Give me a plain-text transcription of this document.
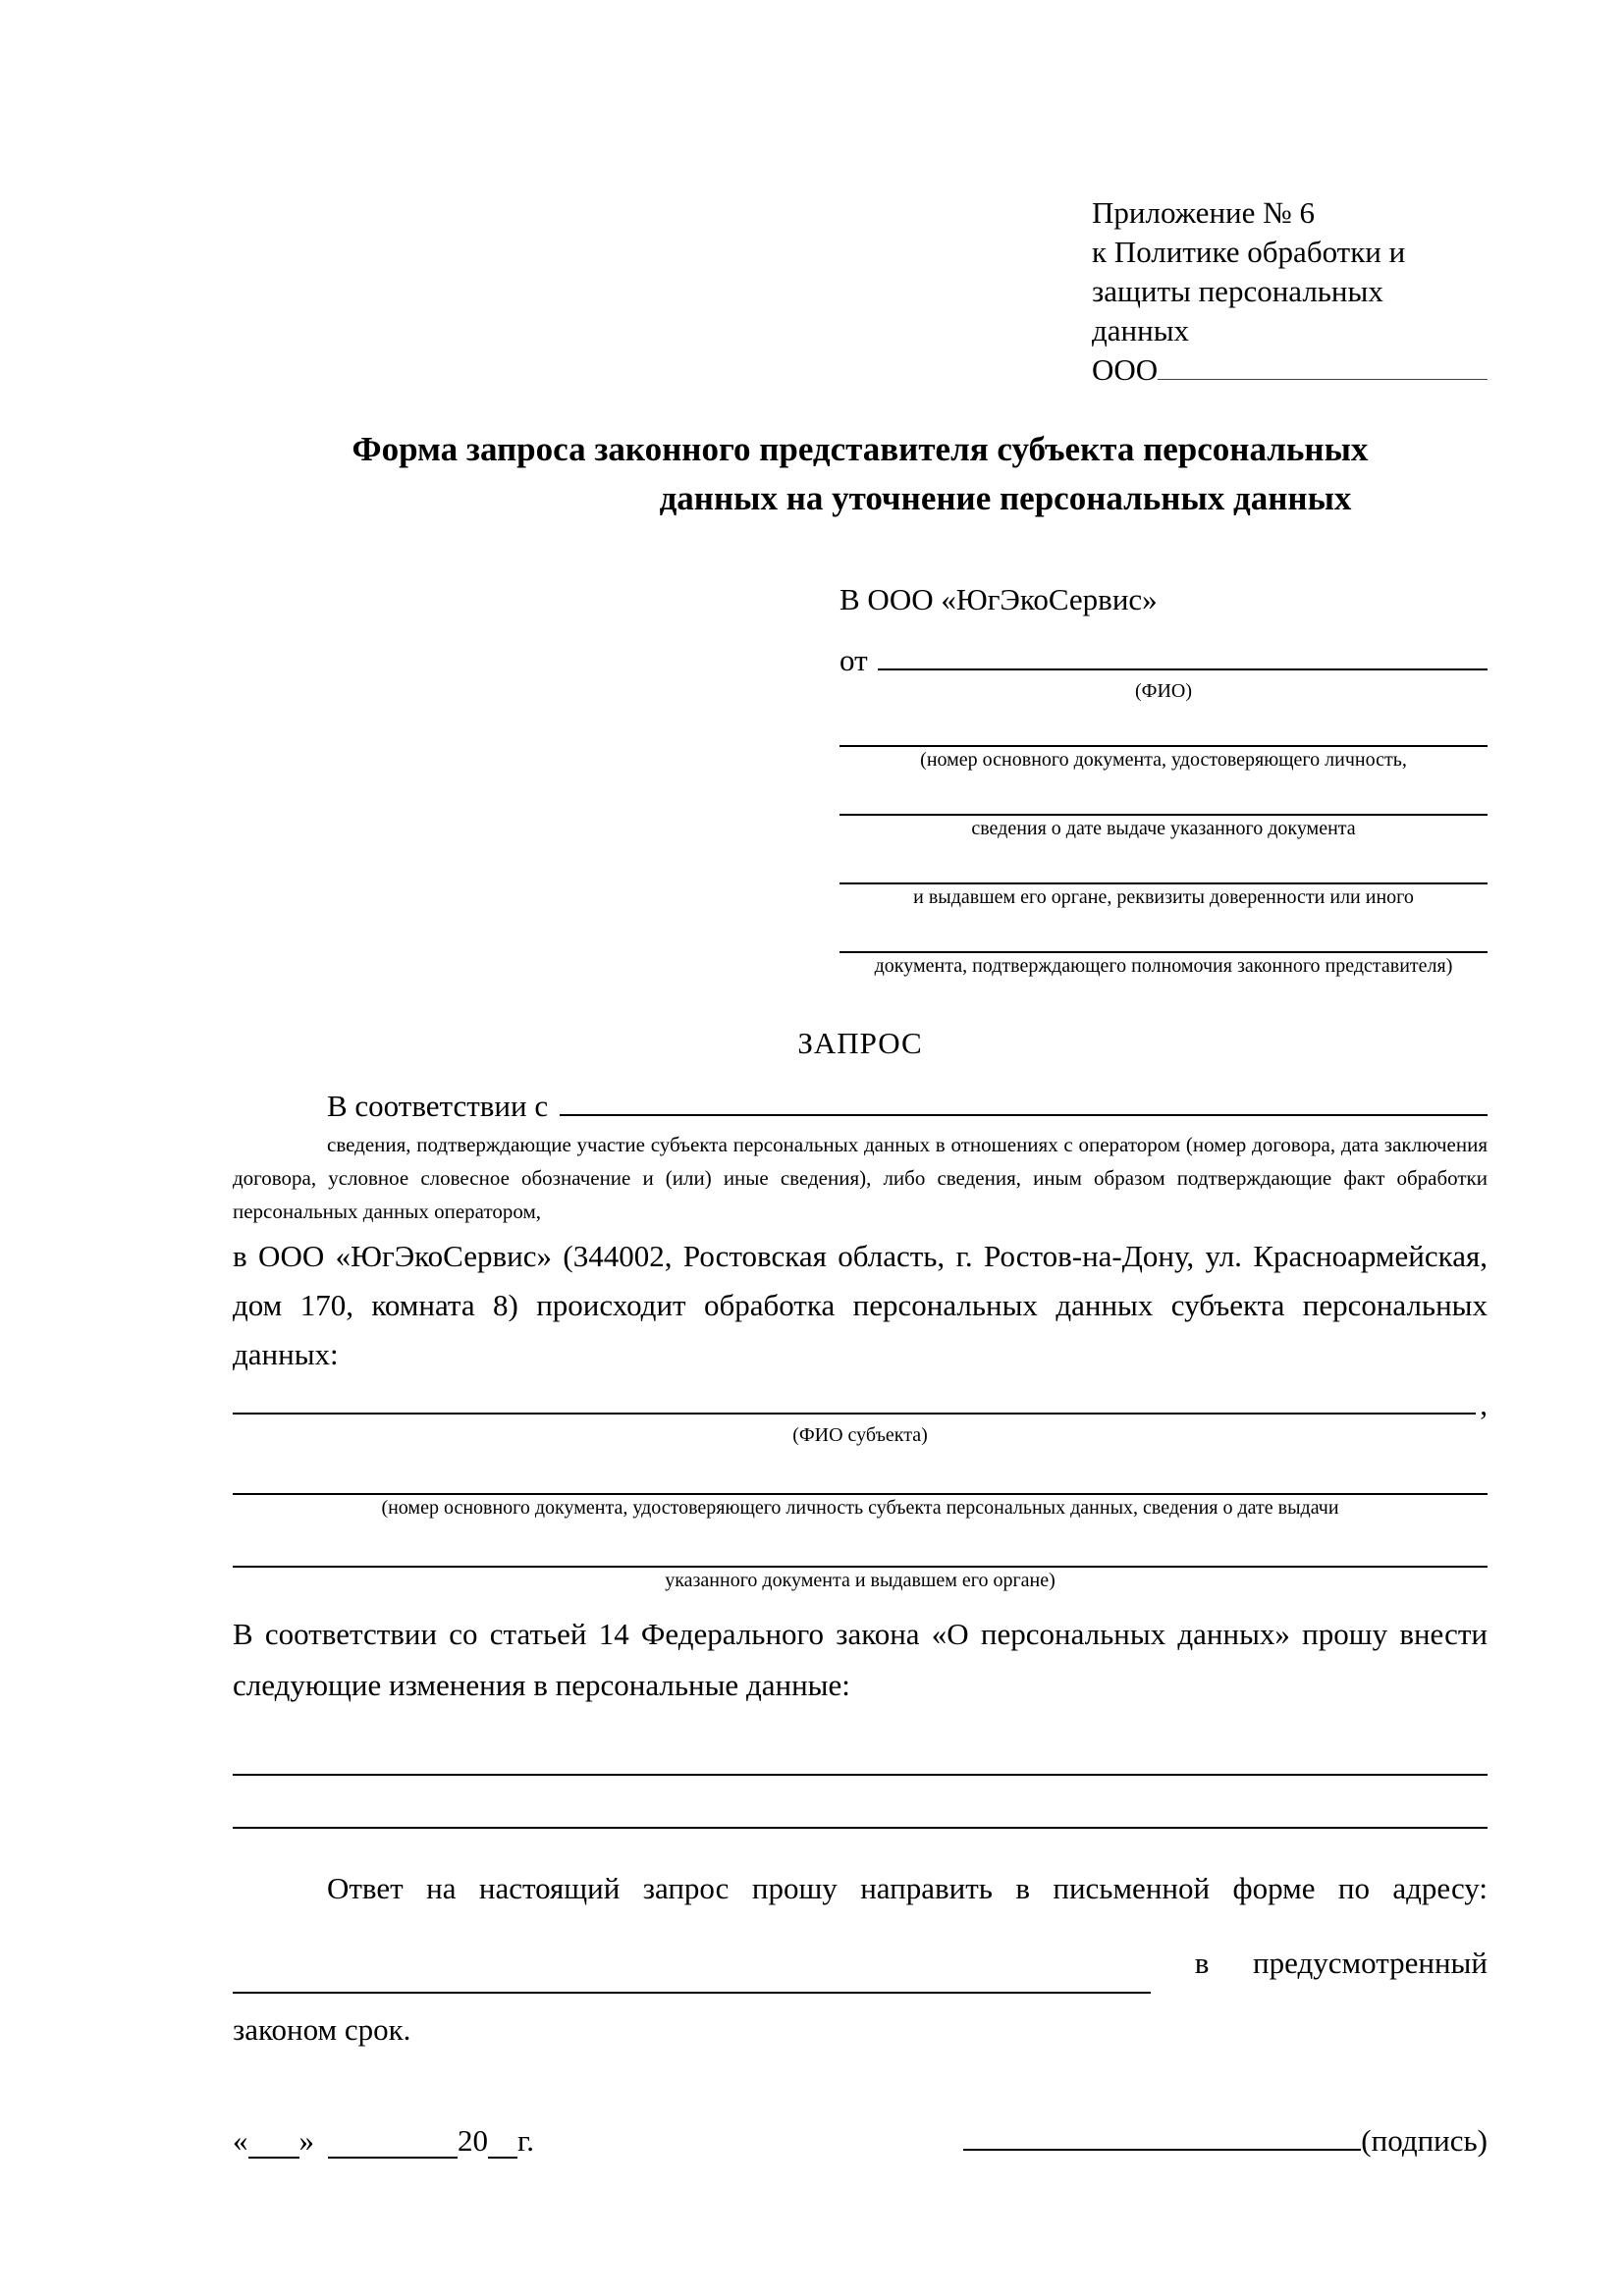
Приложение № 6
к Политике обработки и
защиты персональных данных
ООО
Форма запроса законного представителя субъекта персональных
данных на уточнение персональных данных
В ООО «ЮгЭкоСервис»
от
(ФИО)
(номер основного документа, удостоверяющего личность,
сведения о дате выдаче указанного документа
и выдавшем его органе, реквизиты доверенности или иного
документа, подтверждающего полномочия законного представителя)
ЗАПРОС
В соответствии с
сведения, подтверждающие участие субъекта персональных данных в отношениях с оператором (номер договора, дата заключения договора, условное словесное обозначение и (или) иные сведения), либо сведения, иным образом подтверждающие факт обработки персональных данных оператором,
в ООО «ЮгЭкоСервис» (344002, Ростовская область, г. Ростов-на-Дону, ул. Красноармейская, дом 170, комната 8) происходит обработка персональных данных субъекта персональных данных:
,
(ФИО субъекта)
(номер основного документа, удостоверяющего личность субъекта персональных данных, сведения о дате выдачи
указанного документа и выдавшем его органе)
В соответствии со статьей 14 Федерального закона «О персональных данных» прошу внести следующие изменения в персональные данные:
Ответ на настоящий запрос прошу направить в письменной форме по адресу:
в предусмотренный
законом срок.
« »	20 г.	(подпись)
